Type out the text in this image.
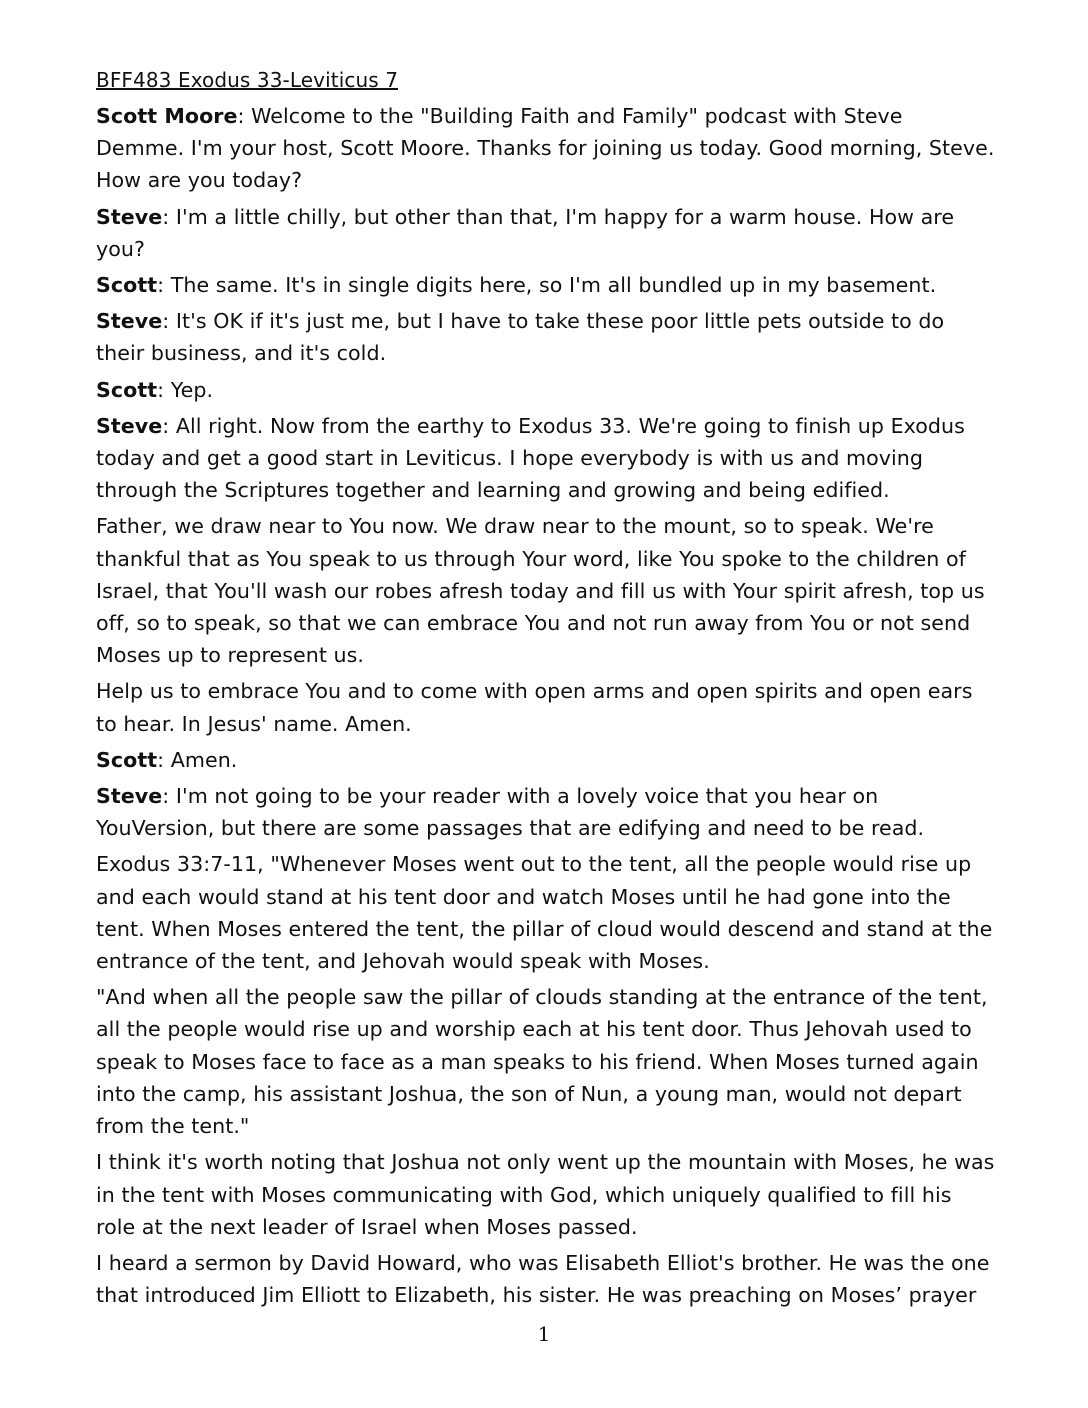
BFF483 Exodus 33-Leviticus 7

Scott Moore: Welcome to the "Building Faith and Family" podcast with Steve Demme. I'm your host, Scott Moore. Thanks for joining us today. Good morning, Steve. How are you today?

Steve: I'm a little chilly, but other than that, I'm happy for a warm house. How are you?

Scott: The same. It's in single digits here, so I'm all bundled up in my basement.

Steve: It's OK if it's just me, but I have to take these poor little pets outside to do their business, and it's cold.

Scott: Yep.

Steve: All right. Now from the earthy to Exodus 33. We're going to finish up Exodus today and get a good start in Leviticus. I hope everybody is with us and moving through the Scriptures together and learning and growing and being edified.

Father, we draw near to You now. We draw near to the mount, so to speak. We're thankful that as You speak to us through Your word, like You spoke to the children of Israel, that You'll wash our robes afresh today and fill us with Your spirit afresh, top us off, so to speak, so that we can embrace You and not run away from You or not send Moses up to represent us.

Help us to embrace You and to come with open arms and open spirits and open ears to hear. In Jesus' name. Amen.

Scott: Amen.

Steve: I'm not going to be your reader with a lovely voice that you hear on YouVersion, but there are some passages that are edifying and need to be read.

Exodus 33:7-11, "Whenever Moses went out to the tent, all the people would rise up and each would stand at his tent door and watch Moses until he had gone into the tent. When Moses entered the tent, the pillar of cloud would descend and stand at the entrance of the tent, and Jehovah would speak with Moses.

"And when all the people saw the pillar of clouds standing at the entrance of the tent, all the people would rise up and worship each at his tent door. Thus Jehovah used to speak to Moses face to face as a man speaks to his friend. When Moses turned again into the camp, his assistant Joshua, the son of Nun, a young man, would not depart from the tent."

I think it's worth noting that Joshua not only went up the mountain with Moses, he was in the tent with Moses communicating with God, which uniquely qualified to fill his role at the next leader of Israel when Moses passed.

I heard a sermon by David Howard, who was Elisabeth Elliot's brother. He was the one that introduced Jim Elliott to Elizabeth, his sister. He was preaching on Moses’ prayer

1
